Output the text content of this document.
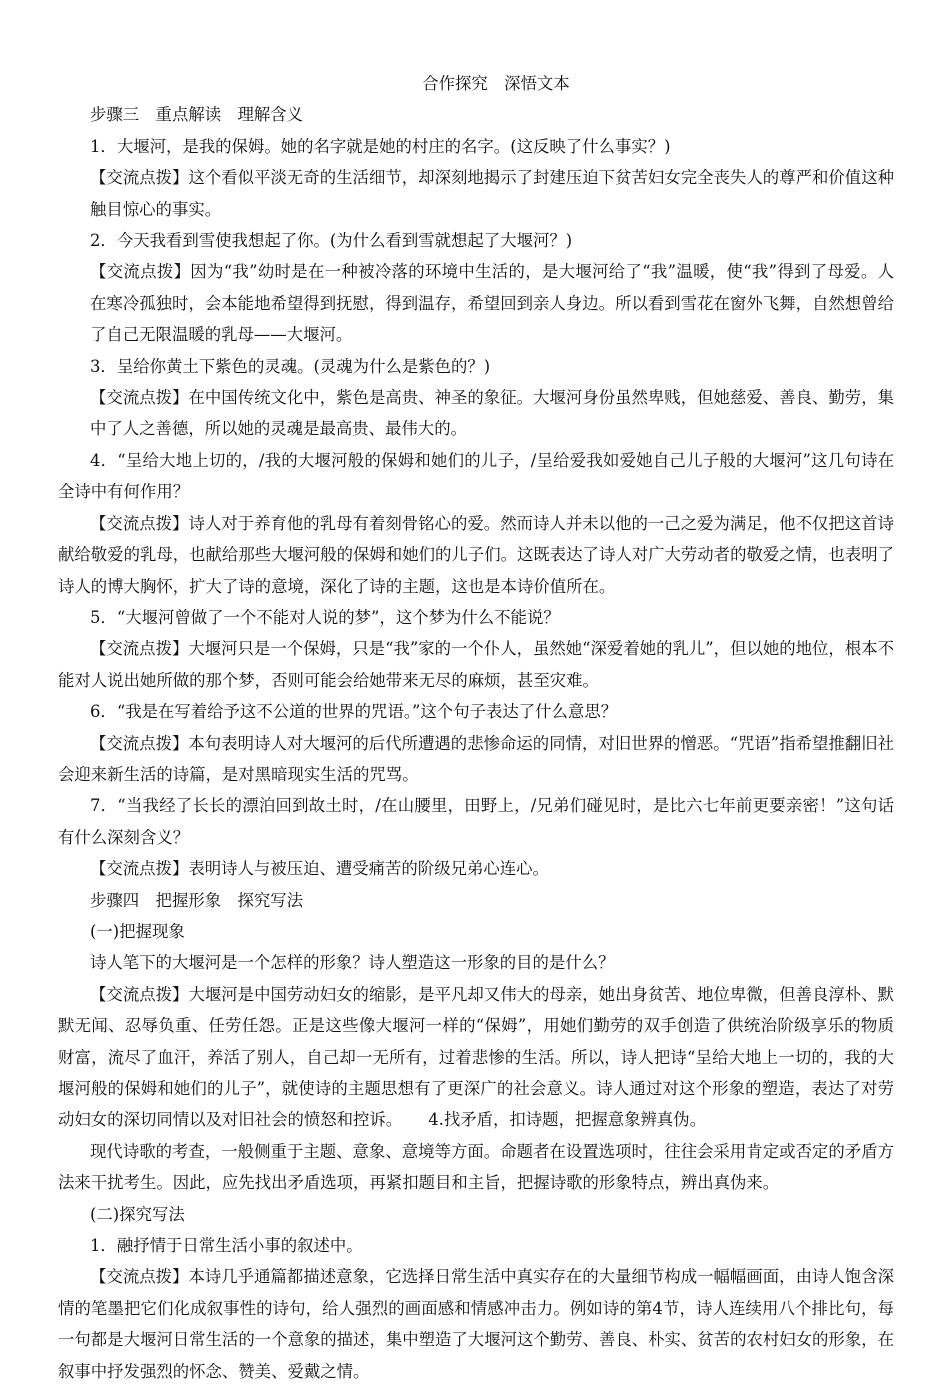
合作探究　深悟文本

步骤三　重点解读　理解含义

1．大堰河，是我的保姆。她的名字就是她的村庄的名字。(这反映了什么事实？)

【交流点拨】这个看似平淡无奇的生活细节，却深刻地揭示了封建压迫下贫苦妇女完全丧失人的尊严和价值这种触目惊心的事实。

2．今天我看到雪使我想起了你。(为什么看到雪就想起了大堰河？)

【交流点拨】因为“我”幼时是在一种被冷落的环境中生活的，是大堰河给了“我”温暖，使“我”得到了母爱。人在寒冷孤独时，会本能地希望得到抚慰，得到温存，希望回到亲人身边。所以看到雪花在窗外飞舞，自然想曾给了自己无限温暖的乳母——大堰河。

3．呈给你黄土下紫色的灵魂。(灵魂为什么是紫色的？)

【交流点拨】在中国传统文化中，紫色是高贵、神圣的象征。大堰河身份虽然卑贱，但她慈爱、善良、勤劳，集中了人之善德，所以她的灵魂是最高贵、最伟大的。

4．“呈给大地上切的，/我的大堰河般的保姆和她们的儿子，/呈给爱我如爱她自己儿子般的大堰河”这几句诗在全诗中有何作用？

【交流点拨】诗人对于养育他的乳母有着刻骨铭心的爱。然而诗人并未以他的一己之爱为满足，他不仅把这首诗献给敬爱的乳母，也献给那些大堰河般的保姆和她们的儿子们。这既表达了诗人对广大劳动者的敬爱之情，也表明了诗人的博大胸怀，扩大了诗的意境，深化了诗的主题，这也是本诗价值所在。

5．“大堰河曾做了一个不能对人说的梦”，这个梦为什么不能说？

【交流点拨】大堰河只是一个保姆，只是“我”家的一个仆人，虽然她“深爱着她的乳儿”，但以她的地位，根本不能对人说出她所做的那个梦，否则可能会给她带来无尽的麻烦，甚至灾难。

6．“我是在写着给予这不公道的世界的咒语。”这个句子表达了什么意思？

【交流点拨】本句表明诗人对大堰河的后代所遭遇的悲惨命运的同情，对旧世界的憎恶。“咒语”指希望推翻旧社会迎来新生活的诗篇，是对黑暗现实生活的咒骂。

7．“当我经了长长的漂泊回到故土时，/在山腰里，田野上，/兄弟们碰见时，是比六七年前更要亲密！”这句话有什么深刻含义？

【交流点拨】表明诗人与被压迫、遭受痛苦的阶级兄弟心连心。

步骤四　把握形象　探究写法

(一)把握现象

诗人笔下的大堰河是一个怎样的形象？诗人塑造这一形象的目的是什么？

【交流点拨】大堰河是中国劳动妇女的缩影，是平凡却又伟大的母亲，她出身贫苦、地位卑微，但善良淳朴、默默无闻、忍辱负重、任劳任怨。正是这些像大堰河一样的“保姆”，用她们勤劳的双手创造了供统治阶级享乐的物质财富，流尽了血汗，养活了别人，自己却一无所有，过着悲惨的生活。所以，诗人把诗“呈给大地上一切的，我的大堰河般的保姆和她们的儿子”，就使诗的主题思想有了更深广的社会意义。诗人通过对这个形象的塑造，表达了对劳动妇女的深切同情以及对旧社会的愤怒和控诉。 4.找矛盾，扣诗题，把握意象辨真伪。

现代诗歌的考查，一般侧重于主题、意象、意境等方面。命题者在设置选项时，往往会采用肯定或否定的矛盾方法来干扰考生。因此，应先找出矛盾选项，再紧扣题目和主旨，把握诗歌的形象特点，辨出真伪来。

(二)探究写法

1．融抒情于日常生活小事的叙述中。

【交流点拨】本诗几乎通篇都描述意象，它选择日常生活中真实存在的大量细节构成一幅幅画面，由诗人饱含深情的笔墨把它们化成叙事性的诗句，给人强烈的画面感和情感冲击力。例如诗的第4节，诗人连续用八个排比句，每一句都是大堰河日常生活的一个意象的描述，集中塑造了大堰河这个勤劳、善良、朴实、贫苦的农村妇女的形象，在叙事中抒发强烈的怀念、赞美、爱戴之情。
